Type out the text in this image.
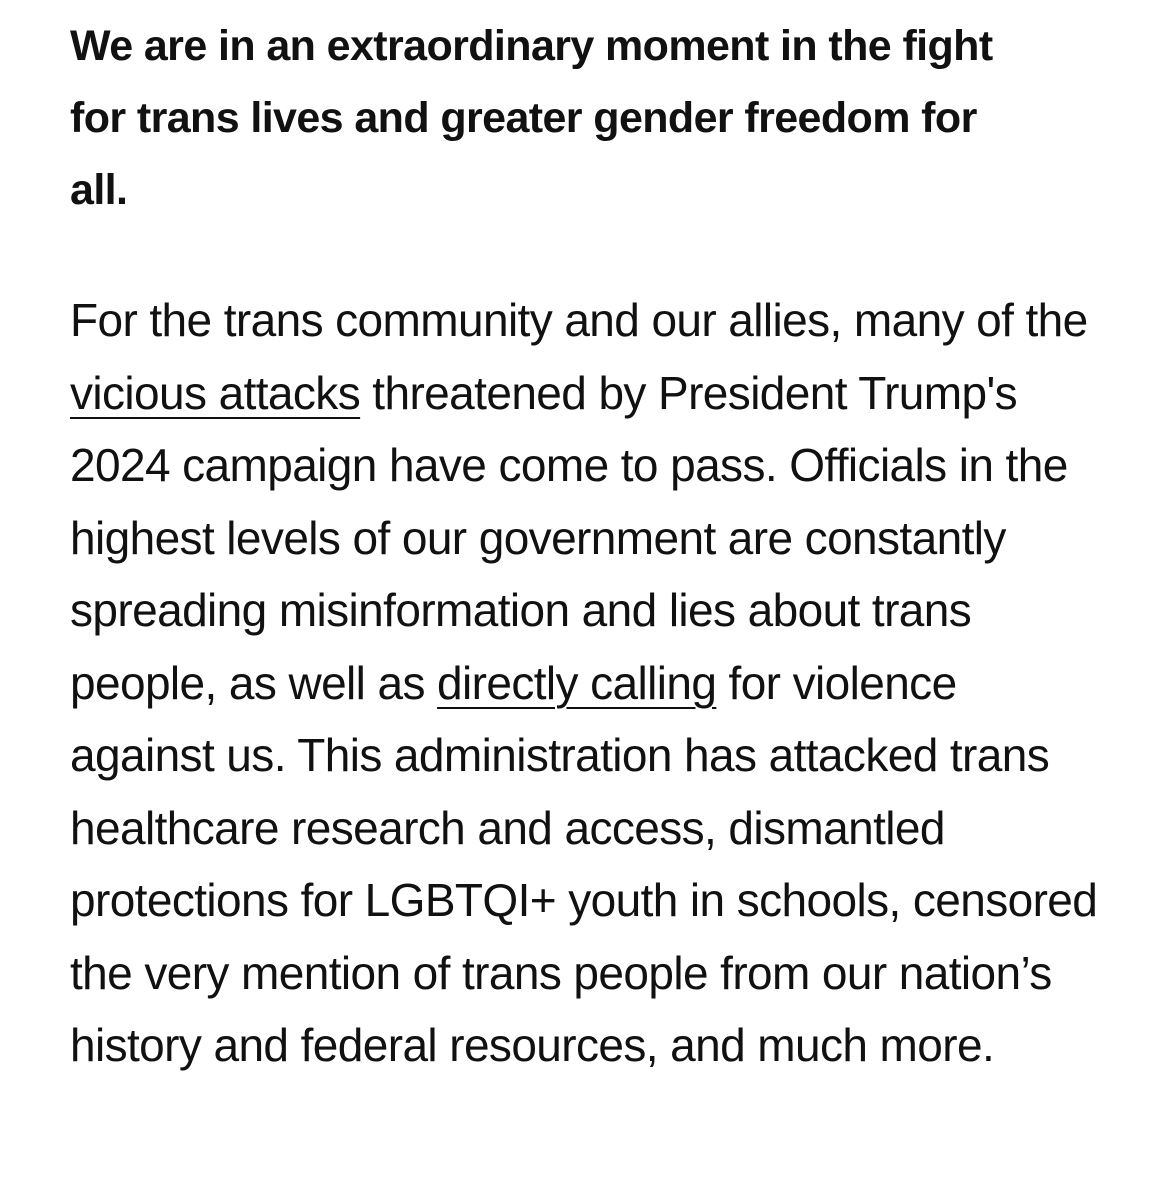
We are in an extraordinary moment in the fight for trans lives and greater gender freedom for all.

For the trans community and our allies, many of the vicious attacks threatened by President Trump's 2024 campaign have come to pass. Officials in the highest levels of our government are constantly spreading misinformation and lies about trans people, as well as directly calling for violence against us. This administration has attacked trans healthcare research and access, dismantled protections for LGBTQI+ youth in schools, censored the very mention of trans people from our nation’s history and federal resources, and much more.
